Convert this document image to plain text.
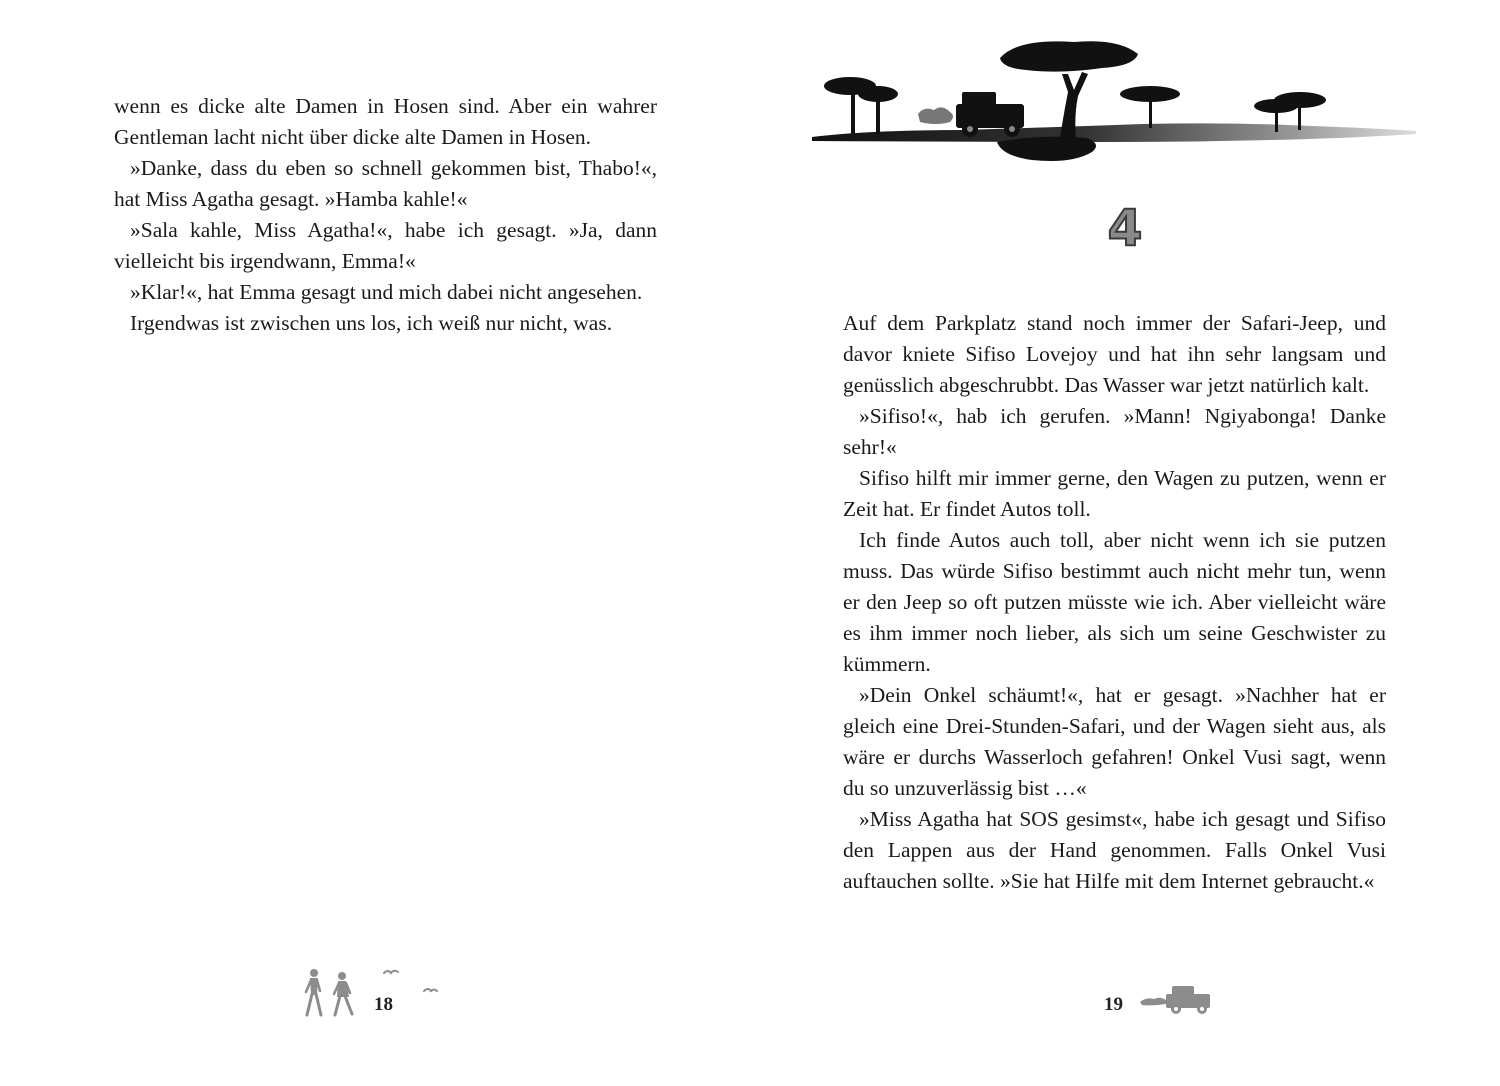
wenn es dicke alte Damen in Hosen sind. Aber ein wahrer Gentleman lacht nicht über dicke alte Damen in Hosen.

»Danke, dass du eben so schnell gekommen bist, Thabo!«, hat Miss Agatha gesagt. »Hamba kahle!«

»Sala kahle, Miss Agatha!«, habe ich gesagt. »Ja, dann vielleicht bis irgendwann, Emma!«

»Klar!«, hat Emma gesagt und mich dabei nicht angesehen.

Irgendwas ist zwischen uns los, ich weiß nur nicht, was.

18
4

Auf dem Parkplatz stand noch immer der Safari-Jeep, und davor kniete Sifiso Lovejoy und hat ihn sehr langsam und genüsslich abgeschrubbt. Das Wasser war jetzt natürlich kalt.

»Sifiso!«, hab ich gerufen. »Mann! Ngiyabonga! Danke sehr!«

Sifiso hilft mir immer gerne, den Wagen zu putzen, wenn er Zeit hat. Er findet Autos toll.

Ich finde Autos auch toll, aber nicht wenn ich sie putzen muss. Das würde Sifiso bestimmt auch nicht mehr tun, wenn er den Jeep so oft putzen müsste wie ich. Aber vielleicht wäre es ihm immer noch lieber, als sich um seine Geschwister zu kümmern.

»Dein Onkel schäumt!«, hat er gesagt. »Nachher hat er gleich eine Drei-Stunden-Safari, und der Wagen sieht aus, als wäre er durchs Wasserloch gefahren! Onkel Vusi sagt, wenn du so unzuverlässig bist …«

»Miss Agatha hat SOS gesimst«, habe ich gesagt und Sifiso den Lappen aus der Hand genommen. Falls Onkel Vusi auftauchen sollte. »Sie hat Hilfe mit dem Internet gebraucht.«

19
